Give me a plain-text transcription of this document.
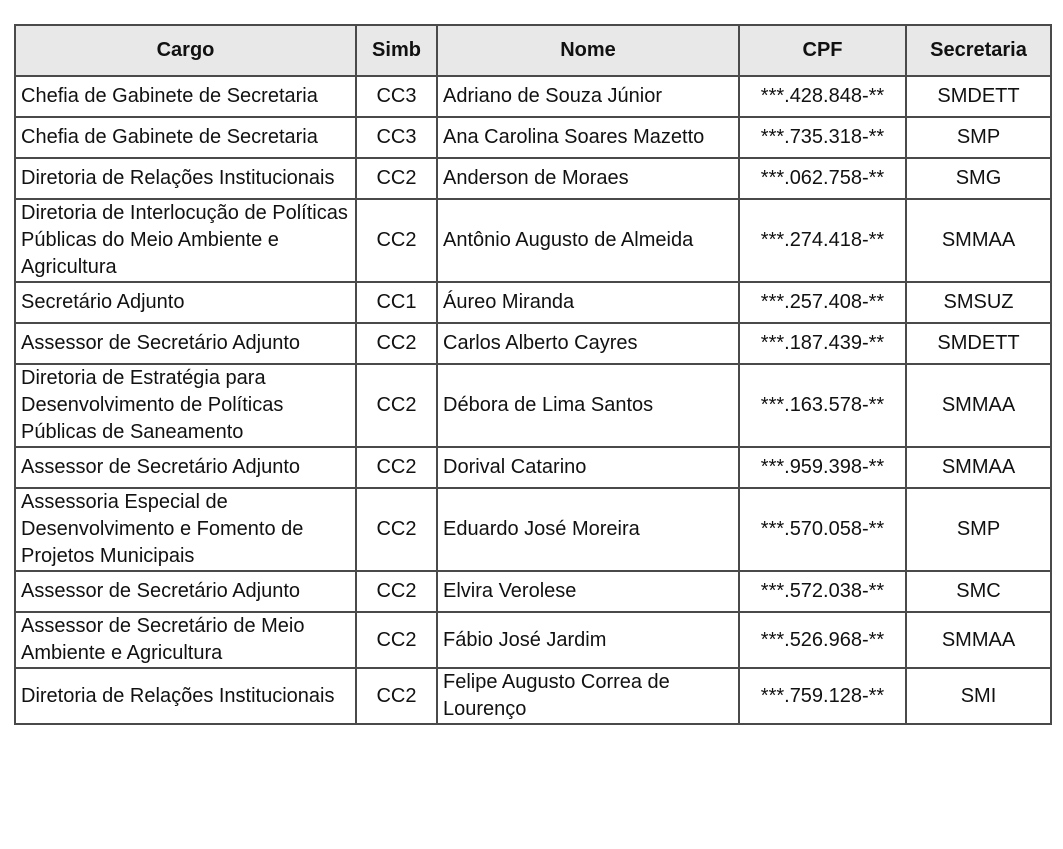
Cargo	Simb	Nome	CPF	Secretaria
Chefia de Gabinete de Secretaria	CC3	Adriano de Souza Júnior	***.428.848-**	SMDETT
Chefia de Gabinete de Secretaria	CC3	Ana Carolina Soares Mazetto	***.735.318-**	SMP
Diretoria de Relações Institucionais	CC2	Anderson de Moraes	***.062.758-**	SMG
Diretoria de Interlocução de Políticas Públicas do Meio Ambiente e Agricultura	CC2	Antônio Augusto de Almeida	***.274.418-**	SMMAA
Secretário Adjunto	CC1	Áureo Miranda	***.257.408-**	SMSUZ
Assessor de Secretário Adjunto	CC2	Carlos Alberto Cayres	***.187.439-**	SMDETT
Diretoria de Estratégia para Desenvolvimento de Políticas Públicas de Saneamento	CC2	Débora de Lima Santos	***.163.578-**	SMMAA
Assessor de Secretário Adjunto	CC2	Dorival Catarino	***.959.398-**	SMMAA
Assessoria Especial de Desenvolvimento e Fomento de Projetos Municipais	CC2	Eduardo José Moreira	***.570.058-**	SMP
Assessor de Secretário Adjunto	CC2	Elvira Verolese	***.572.038-**	SMC
Assessor de Secretário de Meio Ambiente e Agricultura	CC2	Fábio José Jardim	***.526.968-**	SMMAA
Diretoria de Relações Institucionais	CC2	Felipe Augusto Correa de Lourenço	***.759.128-**	SMI
